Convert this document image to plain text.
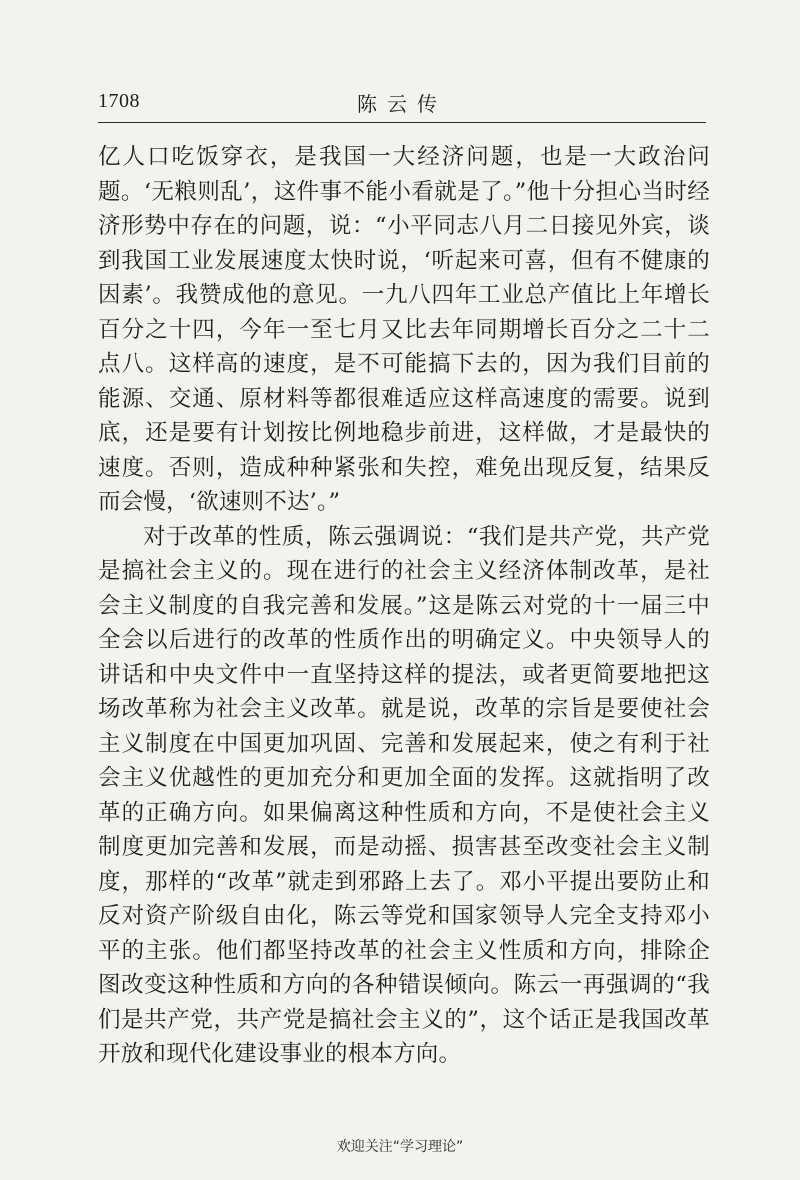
1708	陈云传

亿人口吃饭穿衣，是我国一大经济问题，也是一大政治问题。‘无粮则乱’，这件事不能小看就是了。”他十分担心当时经济形势中存在的问题，说：“小平同志八月二日接见外宾，谈到我国工业发展速度太快时说，‘听起来可喜，但有不健康的因素’。我赞成他的意见。一九八四年工业总产值比上年增长百分之十四，今年一至七月又比去年同期增长百分之二十二点八。这样高的速度，是不可能搞下去的，因为我们目前的能源、交通、原材料等都很难适应这样高速度的需要。说到底，还是要有计划按比例地稳步前进，这样做，才是最快的速度。否则，造成种种紧张和失控，难免出现反复，结果反而会慢，‘欲速则不达’。”

对于改革的性质，陈云强调说：“我们是共产党，共产党是搞社会主义的。现在进行的社会主义经济体制改革，是社会主义制度的自我完善和发展。”这是陈云对党的十一届三中全会以后进行的改革的性质作出的明确定义。中央领导人的讲话和中央文件中一直坚持这样的提法，或者更简要地把这场改革称为社会主义改革。就是说，改革的宗旨是要使社会主义制度在中国更加巩固、完善和发展起来，使之有利于社会主义优越性的更加充分和更加全面的发挥。这就指明了改革的正确方向。如果偏离这种性质和方向，不是使社会主义制度更加完善和发展，而是动摇、损害甚至改变社会主义制度，那样的“改革”就走到邪路上去了。邓小平提出要防止和反对资产阶级自由化，陈云等党和国家领导人完全支持邓小平的主张。他们都坚持改革的社会主义性质和方向，排除企图改变这种性质和方向的各种错误倾向。陈云一再强调的“我们是共产党，共产党是搞社会主义的”，这个话正是我国改革开放和现代化建设事业的根本方向。

欢迎关注“学习理论”
